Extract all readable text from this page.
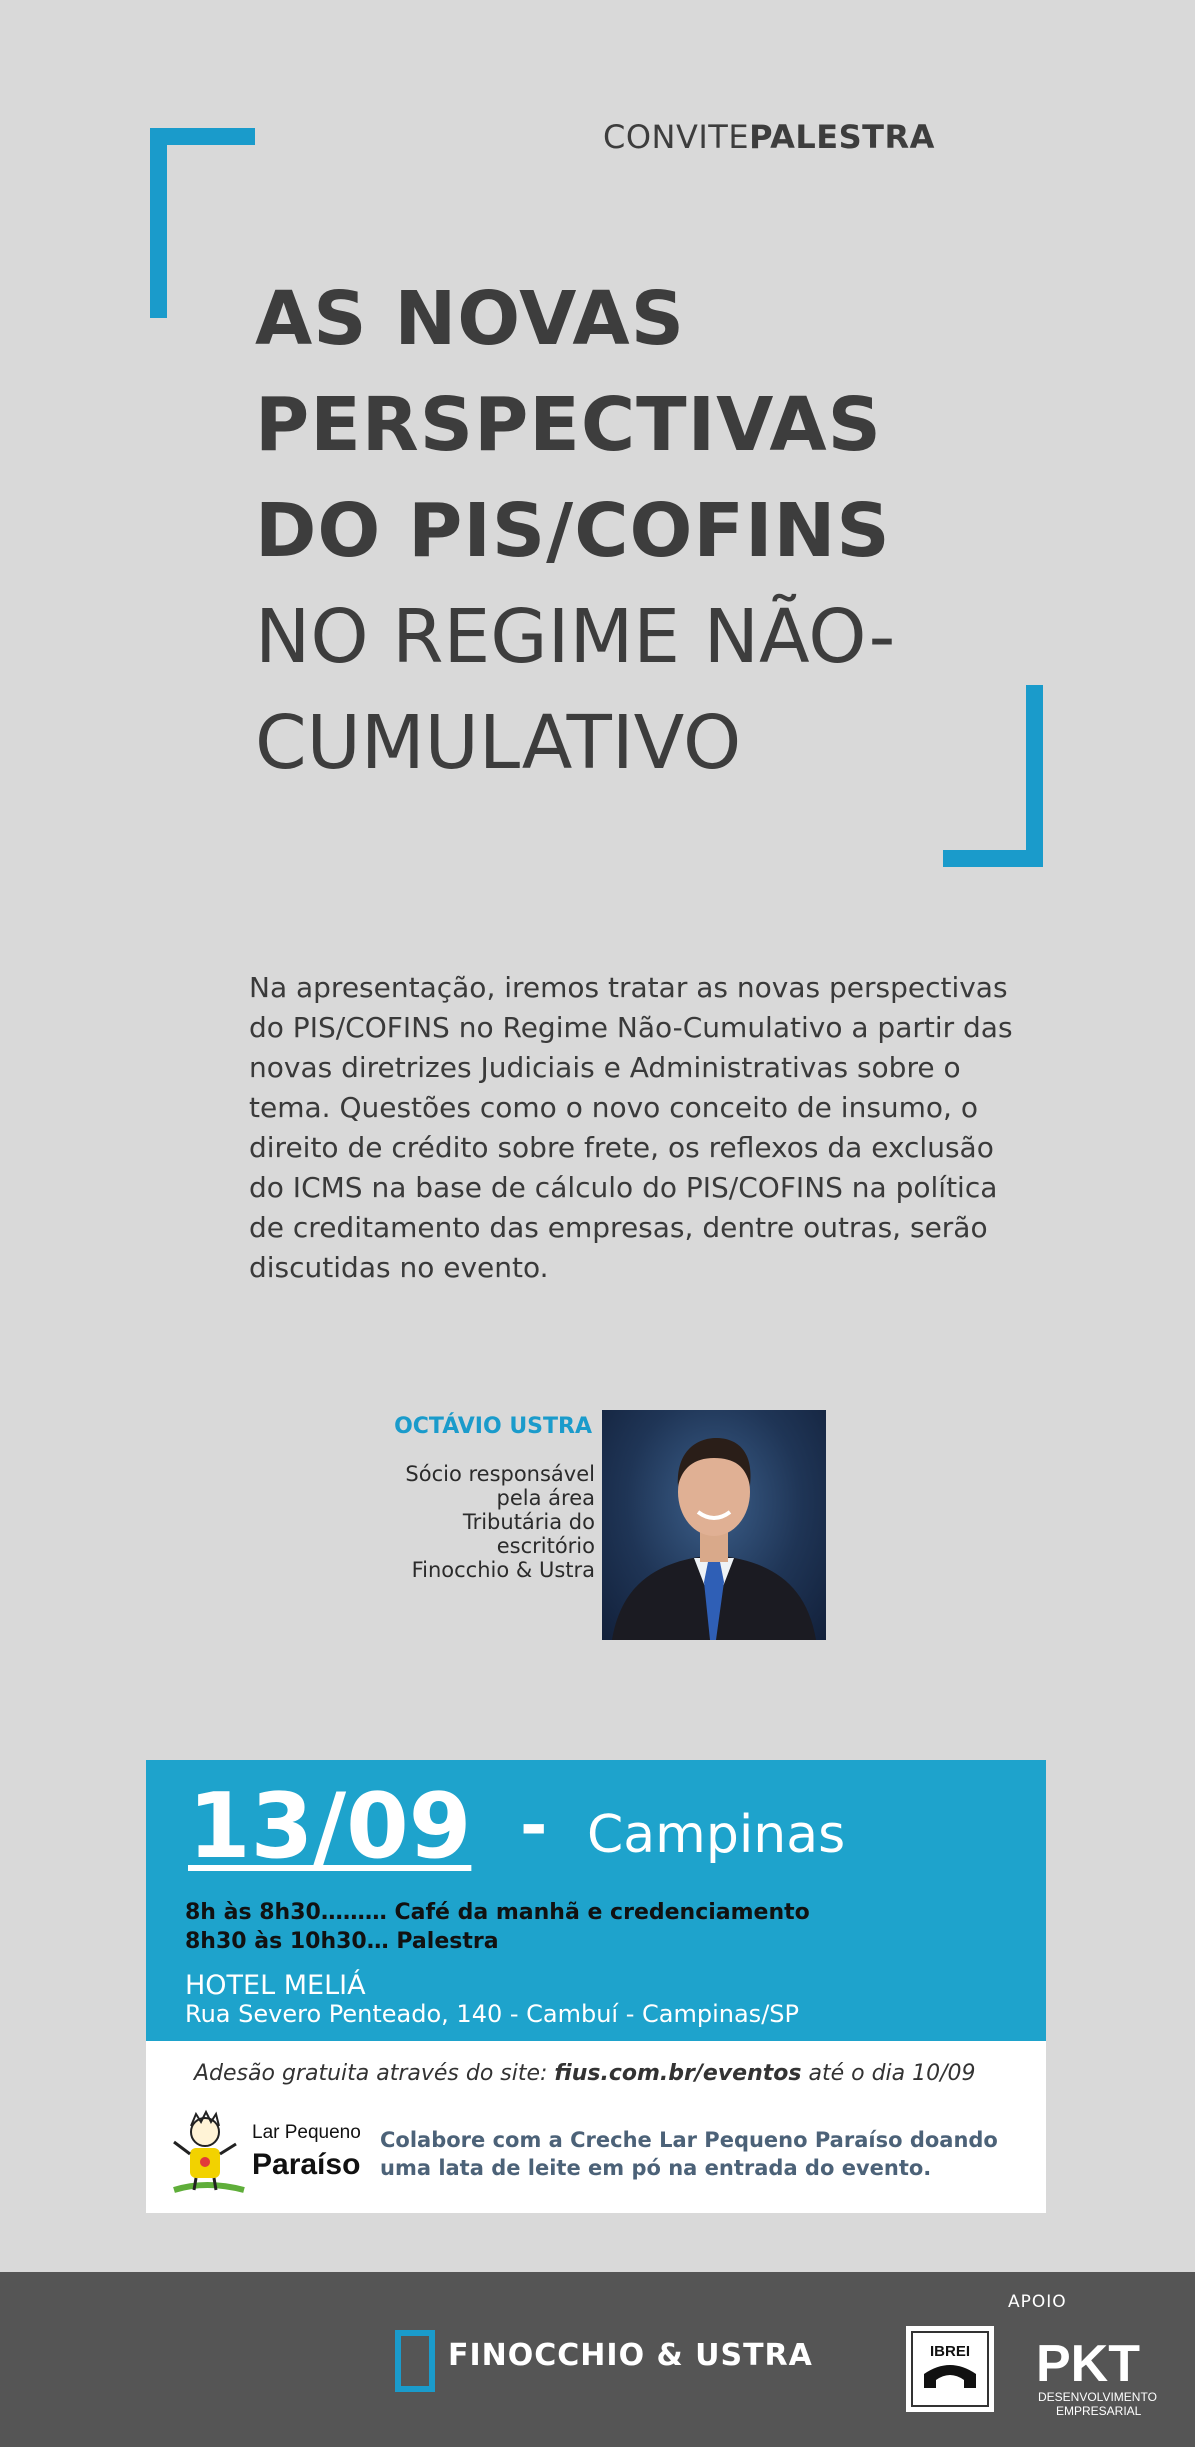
CONVITEPALESTRA
AS NOVAS
PERSPECTIVAS
DO PIS/COFINS
NO REGIME NÃO-
CUMULATIVO
Na apresentação, iremos tratar as novas perspectivas do PIS/COFINS no Regime Não-Cumulativo a partir das novas diretrizes Judiciais e Administrativas sobre o tema. Questões como o novo conceito de insumo, o direito de crédito sobre frete, os reflexos da exclusão do ICMS na base de cálculo do PIS/COFINS na política de creditamento das empresas, dentre outras, serão discutidas no evento.
OCTÁVIO USTRA
Sócio responsável
pela área
Tributária do
escritório
Finocchio & Ustra
13/09 - Campinas
8h às 8h30……… Café da manhã e credenciamento
8h30 às 10h30… Palestra
HOTEL MELIÁ
Rua Severo Penteado, 140 - Cambuí - Campinas/SP
Adesão gratuita através do site: fius.com.br/eventos até o dia 10/09
Lar Pequeno
Paraíso
Colabore com a Creche Lar Pequeno Paraíso doando uma lata de leite em pó na entrada do evento.
FINOCCHIO & USTRA
APOIO
IBREI PKT
DESENVOLVIMENTO
EMPRESARIAL
